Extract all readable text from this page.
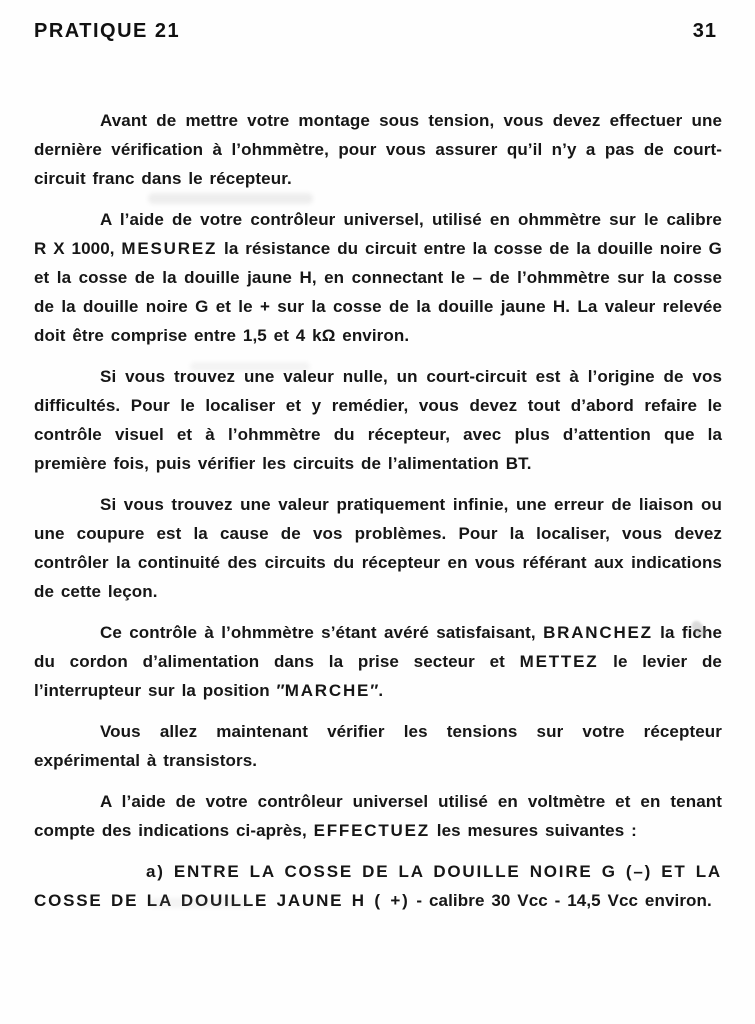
PRATIQUE 21	31

Avant de mettre votre montage sous tension, vous devez effectuer une dernière vérification à l’ohmmètre, pour vous assurer qu’il n’y a pas de court-circuit franc dans le récepteur.

A l’aide de votre contrôleur universel, utilisé en ohmmètre sur le calibre R X 1000, MESUREZ la résistance du circuit entre la cosse de la douille noire G et la cosse de la douille jaune H, en connectant le – de l’ohmmètre sur la cosse de la douille noire G et le + sur la cosse de la douille jaune H. La valeur relevée doit être comprise entre 1,5 et 4 kΩ environ.

Si vous trouvez une valeur nulle, un court-circuit est à l’origine de vos difficultés. Pour le localiser et y remédier, vous devez tout d’abord refaire le contrôle visuel et à l’ohmmètre du récepteur, avec plus d’attention que la première fois, puis vérifier les circuits de l’alimentation BT.

Si vous trouvez une valeur pratiquement infinie, une erreur de liaison ou une coupure est la cause de vos problèmes. Pour la localiser, vous devez contrôler la continuité des circuits du récepteur en vous référant aux indications de cette leçon.

Ce contrôle à l’ohmmètre s’étant avéré satisfaisant, BRANCHEZ la fiche du cordon d’alimentation dans la prise secteur et METTEZ le levier de l’interrupteur sur la position ″MARCHE″.

Vous allez maintenant vérifier les tensions sur votre récepteur expérimental à transistors.

A l’aide de votre contrôleur universel utilisé en voltmètre et en tenant compte des indications ci-après, EFFECTUEZ les mesures suivantes :

a) ENTRE LA COSSE DE LA DOUILLE NOIRE G (–) ET LA COSSE DE LA DOUILLE JAUNE H ( +) - calibre 30 Vcc - 14,5 Vcc environ.
